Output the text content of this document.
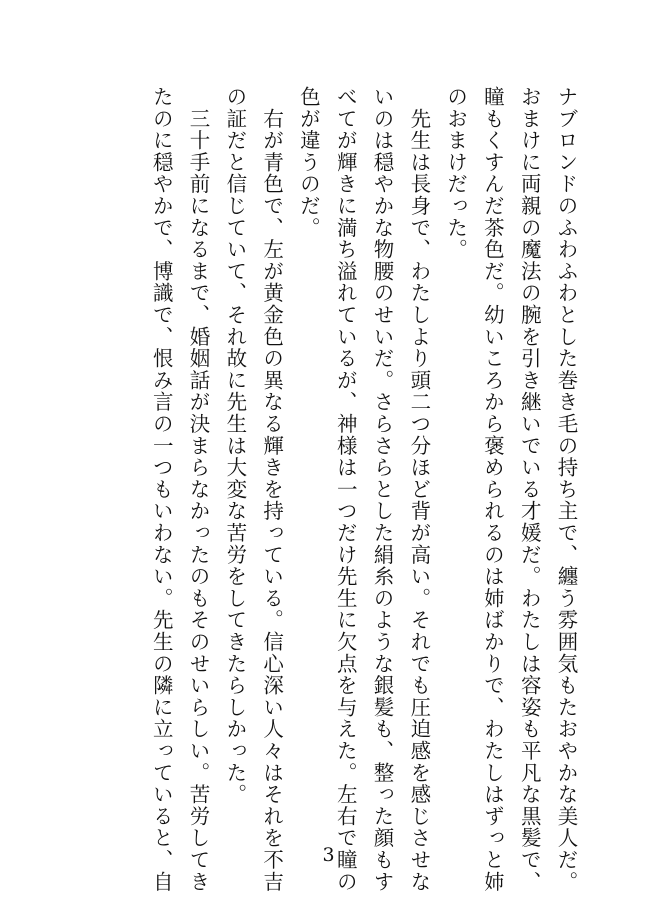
ナブロンドのふわふわとした巻き毛の持ち主で、纏う雰囲気もたおやかな美人だ。
おまけに両親の魔法の腕を引き継いでいる才媛だ。わたしは容姿も平凡な黒髪で、
瞳もくすんだ茶色だ。幼いころから褒められるのは姉ばかりで、わたしはずっと姉
のおまけだった。
　先生は長身で、わたしより頭二つ分ほど背が高い。それでも圧迫感を感じさせな
いのは穏やかな物腰のせいだ。さらさらとした絹糸のような銀髪も、整った顔もす
べてが輝きに満ち溢れているが、神様は一つだけ先生に欠点を与えた。左右で瞳の
色が違うのだ。
　右が青色で、左が黄金色の異なる輝きを持っている。信心深い人々はそれを不吉
の証だと信じていて、それ故に先生は大変な苦労をしてきたらしかった。
　三十手前になるまで、婚姻話が決まらなかったのもそのせいらしい。苦労してき
たのに穏やかで、博識で、恨み言の一つもいわない。先生の隣に立っていると、自	3
